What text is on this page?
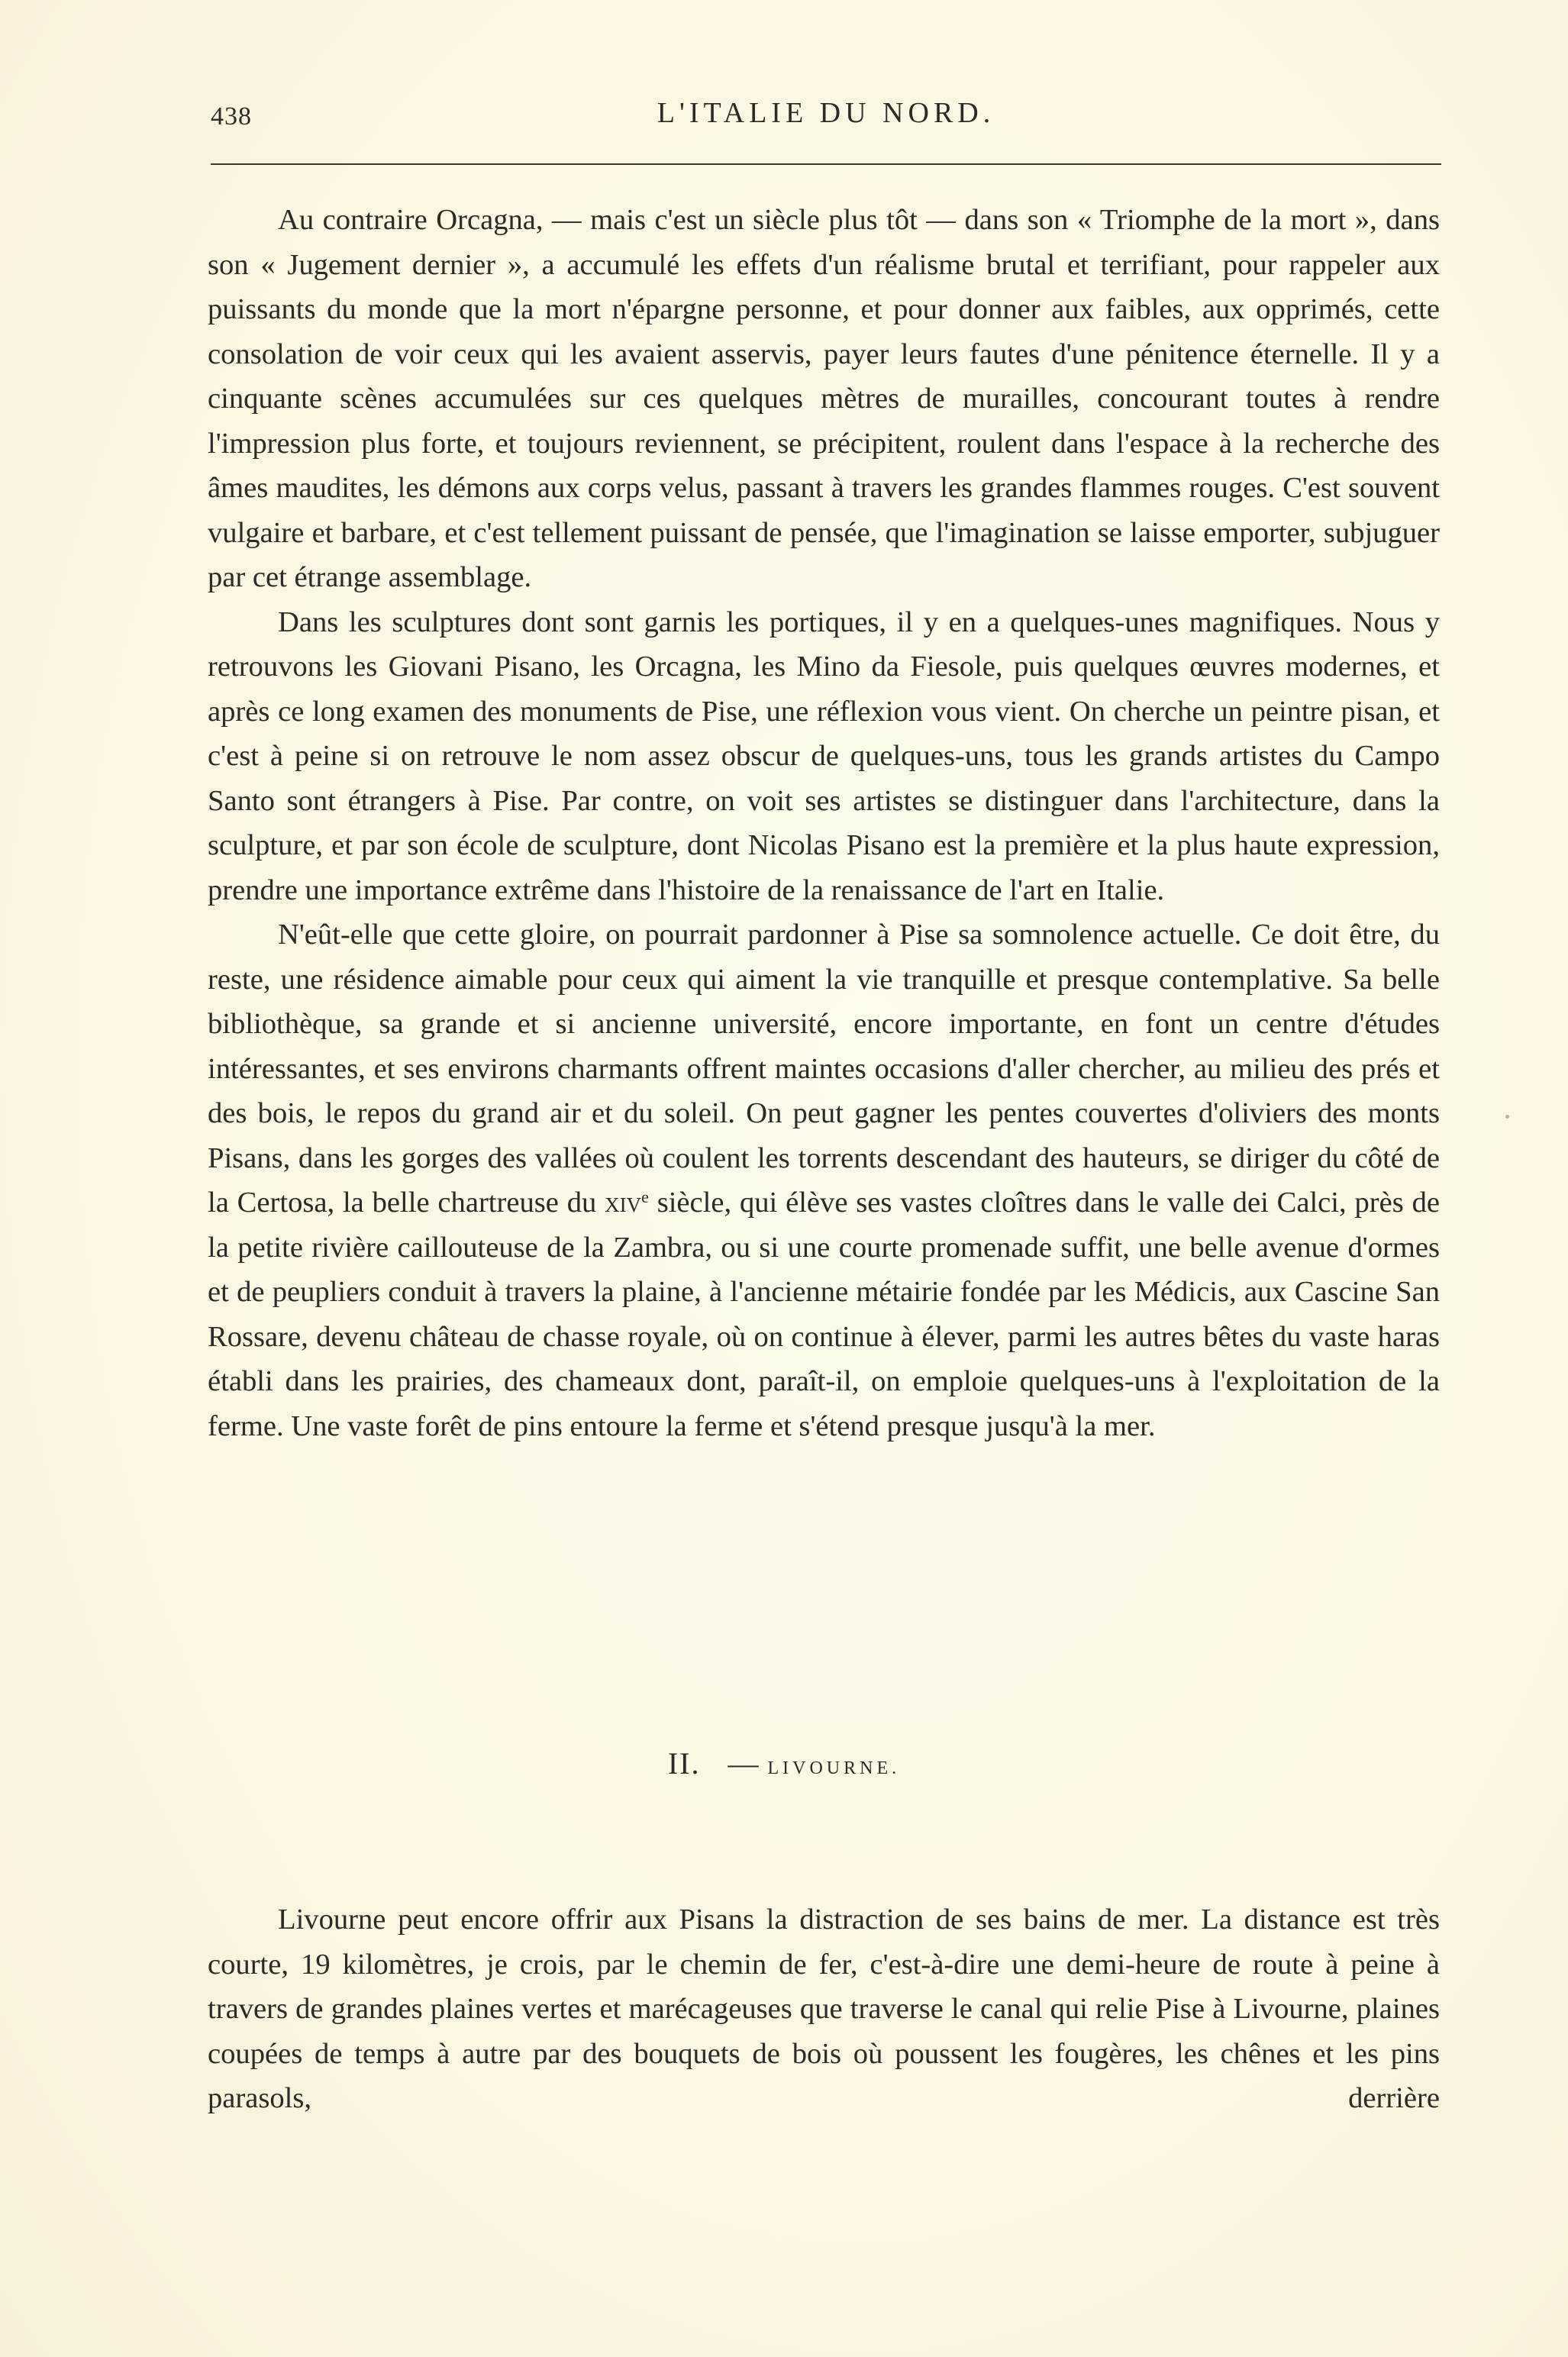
438	L'ITALIE DU NORD.

Au contraire Orcagna, — mais c'est un siècle plus tôt — dans son « Triomphe de la mort », dans son « Jugement dernier », a accumulé les effets d'un réalisme brutal et terrifiant, pour rappeler aux puissants du monde que la mort n'épargne personne, et pour donner aux faibles, aux opprimés, cette consolation de voir ceux qui les avaient asservis, payer leurs fautes d'une pénitence éternelle. Il y a cinquante scènes accumulées sur ces quelques mètres de murailles, concourant toutes à rendre l'impression plus forte, et toujours reviennent, se précipitent, roulent dans l'espace à la recherche des âmes maudites, les démons aux corps velus, passant à travers les grandes flammes rouges. C'est souvent vulgaire et barbare, et c'est tellement puissant de pensée, que l'imagination se laisse emporter, subjuguer par cet étrange assemblage.

Dans les sculptures dont sont garnis les portiques, il y en a quelques-unes magnifiques. Nous y retrouvons les Giovani Pisano, les Orcagna, les Mino da Fiesole, puis quelques œuvres modernes, et après ce long examen des monuments de Pise, une réflexion vous vient. On cherche un peintre pisan, et c'est à peine si on retrouve le nom assez obscur de quelques-uns, tous les grands artistes du Campo Santo sont étrangers à Pise. Par contre, on voit ses artistes se distinguer dans l'architecture, dans la sculpture, et par son école de sculpture, dont Nicolas Pisano est la première et la plus haute expression, prendre une importance extrême dans l'histoire de la renaissance de l'art en Italie.

N'eût-elle que cette gloire, on pourrait pardonner à Pise sa somnolence actuelle. Ce doit être, du reste, une résidence aimable pour ceux qui aiment la vie tranquille et presque contemplative. Sa belle bibliothèque, sa grande et si ancienne université, encore importante, en font un centre d'études intéressantes, et ses environs charmants offrent maintes occasions d'aller chercher, au milieu des prés et des bois, le repos du grand air et du soleil. On peut gagner les pentes couvertes d'oliviers des monts Pisans, dans les gorges des vallées où coulent les torrents descendant des hauteurs, se diriger du côté de la Certosa, la belle chartreuse du xiv$^e$ siècle, qui élève ses vastes cloîtres dans le valle dei Calci, près de la petite rivière caillouteuse de la Zambra, ou si une courte promenade suffit, une belle avenue d'ormes et de peupliers conduit à travers la plaine, à l'ancienne métairie fondée par les Médicis, aux Cascine San Rossare, devenu château de chasse royale, où on continue à élever, parmi les autres bêtes du vaste haras établi dans les prairies, des chameaux dont, paraît-il, on emploie quelques-uns à l'exploitation de la ferme. Une vaste forêt de pins entoure la ferme et s'étend presque jusqu'à la mer.

II. — LIVOURNE.

Livourne peut encore offrir aux Pisans la distraction de ses bains de mer. La distance est très courte, 19 kilomètres, je crois, par le chemin de fer, c'est-à-dire une demi-heure de route à peine à travers de grandes plaines vertes et marécageuses que traverse le canal qui relie Pise à Livourne, plaines coupées de temps à autre par des bouquets de bois où poussent les fougères, les chênes et les pins parasols, derrière
